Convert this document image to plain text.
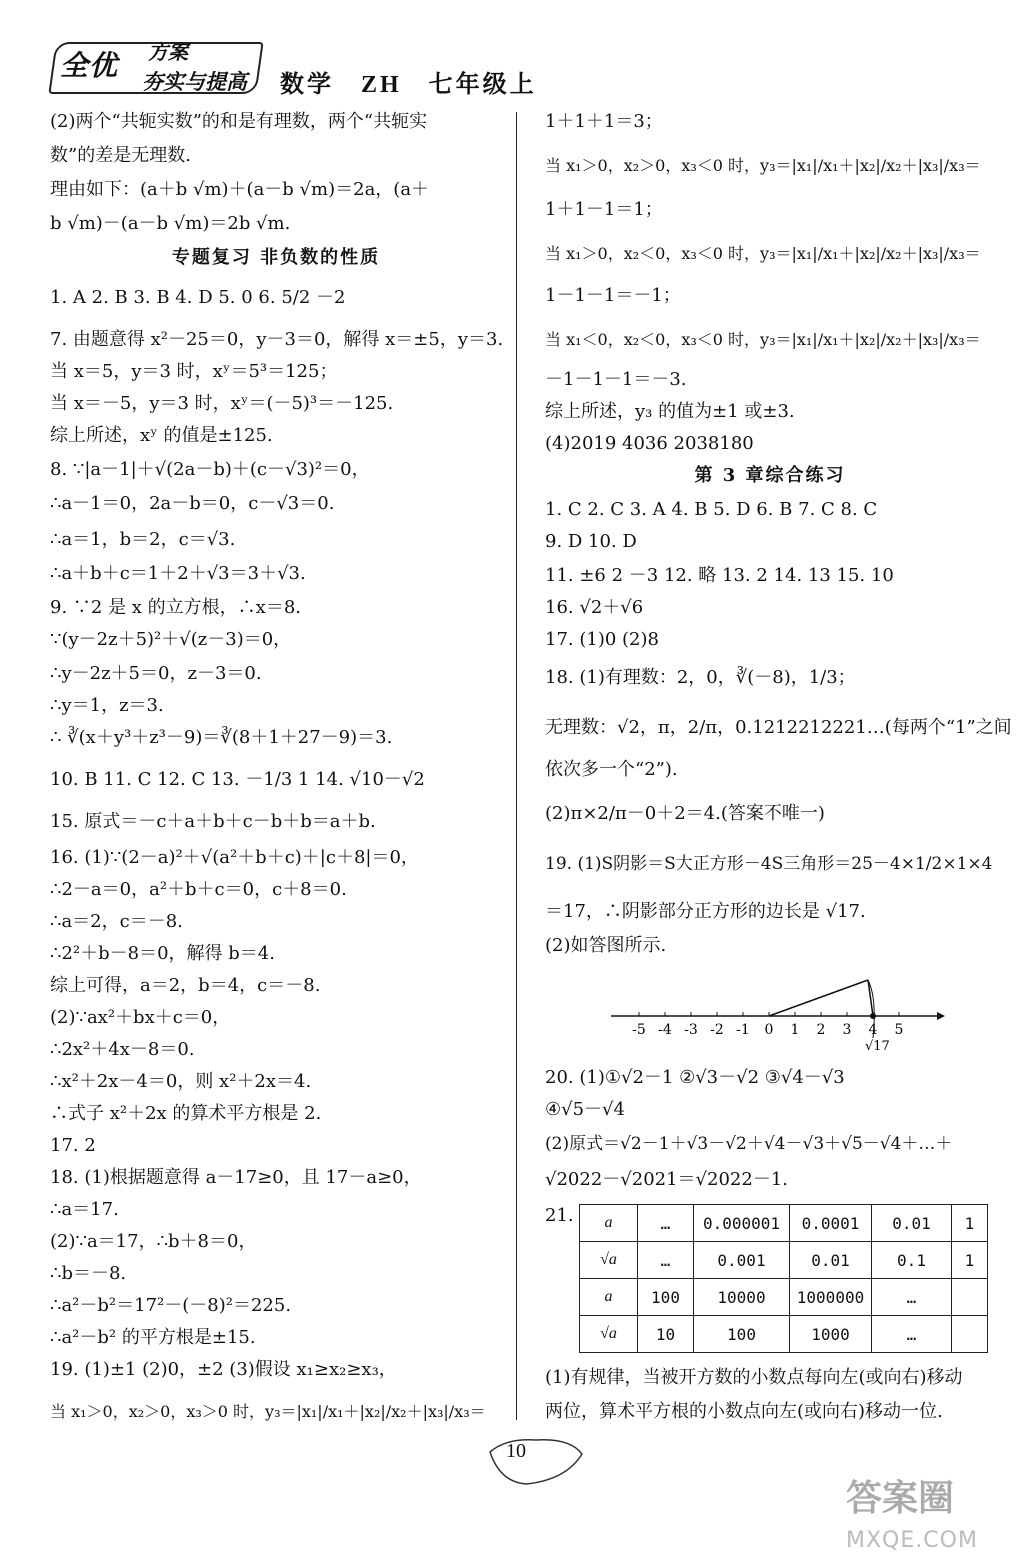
全优 方案
夯实与提高 数学   ZH   七年级上
(2)两个“共轭实数”的和是有理数，两个“共轭实
数”的差是无理数.
理由如下：(a＋b √m)＋(a－b √m)＝2a，(a＋
b √m)－(a－b √m)＝2b √m.
专题复习 非负数的性质
1. A 2. B 3. B 4. D 5. 0 6. 5/2 －2
7. 由题意得 x²－25＝0，y－3＝0，解得 x＝±5，y＝3.
当 x＝5，y＝3 时，xʸ＝5³＝125；
当 x＝－5，y＝3 时，xʸ＝(－5)³＝－125.
综上所述，xʸ 的值是±125.
8. ∵|a－1|＋√(2a－b)＋(c－√3)²＝0，
∴a－1＝0，2a－b＝0，c－√3＝0.
∴a＝1，b＝2，c＝√3.
∴a＋b＋c＝1＋2＋√3＝3＋√3.
9. ∵2 是 x 的立方根，∴x＝8.
∵(y－2z＋5)²＋√(z－3)＝0，
∴y－2z＋5＝0，z－3＝0.
∴y＝1，z＝3.
∴ ∛(x＋y³＋z³－9)＝∛(8＋1＋27－9)＝3.
10. B 11. C 12. C 13. －1/3 1 14. √10－√2
15. 原式＝－c＋a＋b＋c－b＋b＝a＋b.
16. (1)∵(2－a)²＋√(a²＋b＋c)＋|c＋8|＝0，
∴2－a＝0，a²＋b＋c＝0，c＋8＝0.
∴a＝2，c＝－8.
∴2²＋b－8＝0，解得 b＝4.
综上可得，a＝2，b＝4，c＝－8.
(2)∵ax²＋bx＋c＝0，
∴2x²＋4x－8＝0.
∴x²＋2x－4＝0，则 x²＋2x＝4.
∴式子 x²＋2x 的算术平方根是 2.
17. 2
18. (1)根据题意得 a－17≥0，且 17－a≥0，
∴a＝17.
(2)∵a＝17，∴b＋8＝0，
∴b＝－8.
∴a²－b²＝17²－(－8)²＝225.
∴a²－b² 的平方根是±15.
19. (1)±1 (2)0，±2 (3)假设 x₁≥x₂≥x₃，
当 x₁＞0，x₂＞0，x₃＞0 时，y₃＝|x₁|/x₁＋|x₂|/x₂＋|x₃|/x₃＝
1＋1＋1＝3；
当 x₁＞0，x₂＞0，x₃＜0 时，y₃＝|x₁|/x₁＋|x₂|/x₂＋|x₃|/x₃＝
1＋1－1＝1；
当 x₁＞0，x₂＜0，x₃＜0 时，y₃＝|x₁|/x₁＋|x₂|/x₂＋|x₃|/x₃＝
1－1－1＝－1；
当 x₁＜0，x₂＜0，x₃＜0 时，y₃＝|x₁|/x₁＋|x₂|/x₂＋|x₃|/x₃＝
－1－1－1＝－3.
综上所述，y₃ 的值为±1 或±3.
(4)2019 4036 2038180
第 3 章综合练习
1. C 2. C 3. A 4. B 5. D 6. B 7. C 8. C
9. D 10. D
11. ±6 2 －3 12. 略 13. 2 14. 13 15. 10
16. √2＋√6
17. (1)0 (2)8
18. (1)有理数：2，0，∛(－8)，1/3；
无理数：√2，π，2/π，0.1212212221…(每两个“1”之间
依次多一个“2”).
(2)π×2/π－0＋2＝4.(答案不唯一)
19. (1)S阴影＝S大正方形－4S三角形＝25－4×1/2×1×4
＝17，∴阴影部分正方形的边长是 √17.
(2)如答图所示.
-5 -4 -3 -2 -1 0 1 2 3 4 5
√17
20. (1)①√2－1 ②√3－√2 ③√4－√3
④√5－√4
(2)原式＝√2－1＋√3－√2＋√4－√3＋√5－√4＋…＋
√2022－√2021＝√2022－1.
21. a	…	0.000001	0.0001	0.01	1
√a	…	0.001	0.01	0.1	1
a	100	10000	1000000	…	
√a	10	100	1000	…	
(1)有规律，当被开方数的小数点每向左(或向右)移动
两位，算术平方根的小数点向左(或向右)移动一位.
10
答案圈
MXQE.COM
